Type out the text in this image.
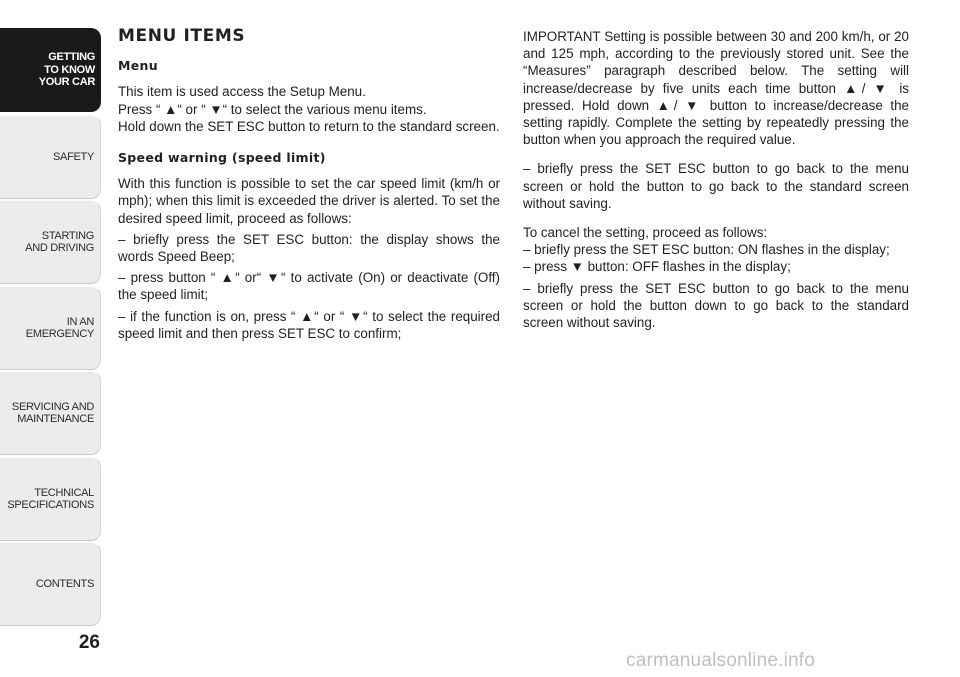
GETTING
TO KNOW
YOUR CAR
SAFETY
STARTING
AND DRIVING
IN AN
EMERGENCY
SERVICING AND
MAINTENANCE
TECHNICAL
SPECIFICATIONS
CONTENTS
26
MENU ITEMS
Menu

This item is used access the Setup Menu.

Press “ ▲“ or “ ▼“ to select the various menu items.

Hold down the SET ESC button to return to the standard screen.

Speed warning (speed limit)

With this function is possible to set the car speed limit (km/h or mph); when this limit is exceeded the driver is alerted. To set the desired speed limit, proceed as follows:

– briefly press the SET ESC button: the display shows the words Speed Beep;

– press button “ ▲“ or“ ▼“ to activate (On) or deactivate (Off) the speed limit;

– if the function is on, press “ ▲“ or “ ▼“ to select the required speed limit and then press SET ESC to confirm;

IMPORTANT Setting is possible between 30 and 200 km/h, or 20 and 125 mph, according to the previously stored unit. See the “Measures” paragraph described below. The setting will increase/decrease by five units each time button ▲/ ▼ is pressed. Hold down ▲/ ▼ button to increase/decrease the setting rapidly. Complete the setting by repeatedly pressing the button when you approach the required value.

– briefly press the SET ESC button to go back to the menu screen or hold the button to go back to the standard screen without saving.

To cancel the setting, proceed as follows:

– briefly press the SET ESC button: ON flashes in the display;

– press ▼ button: OFF flashes in the display;

– briefly press the SET ESC button to go back to the menu screen or hold the button down to go back to the standard screen without saving.

carmanualsonline.info
